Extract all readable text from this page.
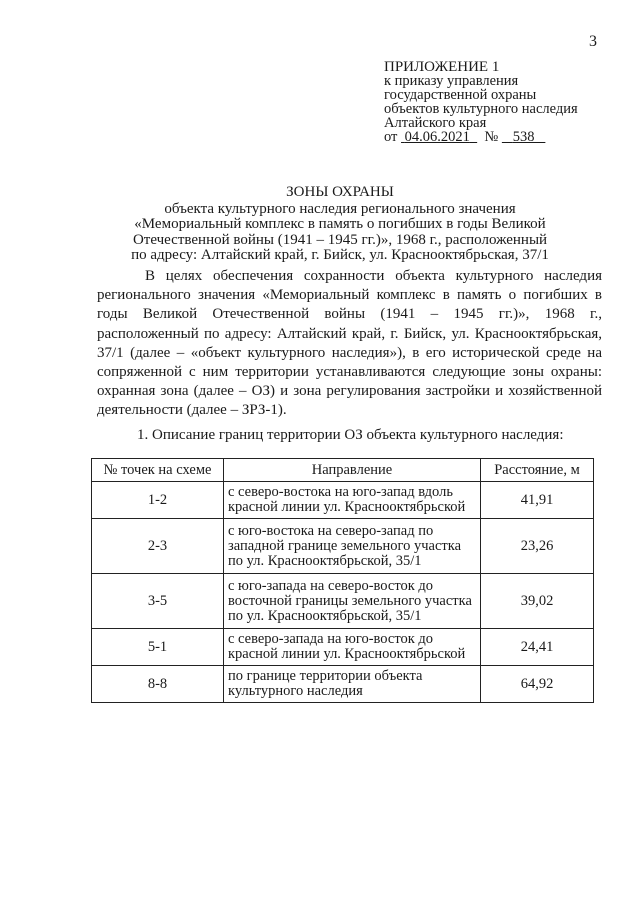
3
ПРИЛОЖЕНИЕ 1
к приказу управления
государственной охраны
объектов культурного наследия
Алтайского края
от 04.06.2021 № 538
ЗОНЫ ОХРАНЫ
объекта культурного наследия регионального значения
«Мемориальный комплекс в память о погибших в годы Великой
Отечественной войны (1941 – 1945 гг.)», 1968 г., расположенный
по адресу: Алтайский край, г. Бийск, ул. Краснооктябрьская, 37/1

В целях обеспечения сохранности объекта культурного наследия регионального значения «Мемориальный комплекс в память о погибших в годы Великой Отечественной войны (1941 – 1945 гг.)», 1968 г., расположенный по адресу: Алтайский край, г. Бийск, ул. Краснооктябрьская, 37/1 (далее – «объект культурного наследия»), в его исторической среде на сопряженной с ним территории устанавливаются следующие зоны охраны: охранная зона (далее – ОЗ) и зона регулирования застройки и хозяйственной деятельности (далее – ЗРЗ-1).

1. Описание границ территории ОЗ объекта культурного наследия:
№ точек на схеме	Направление	Расстояние, м
1-2	с северо-востока на юго-запад вдоль красной линии ул. Краснооктябрьской	41,91
2-3	с юго-востока на северо-запад по западной границе земельного участка по ул. Краснооктябрьской, 35/1	23,26
3-5	с юго-запада на северо-восток до восточной границы земельного участка по ул. Краснооктябрьской, 35/1	39,02
5-1	с северо-запада на юго-восток до красной линии ул. Краснооктябрьской	24,41
8-8	по границе территории объекта культурного наследия	64,92
